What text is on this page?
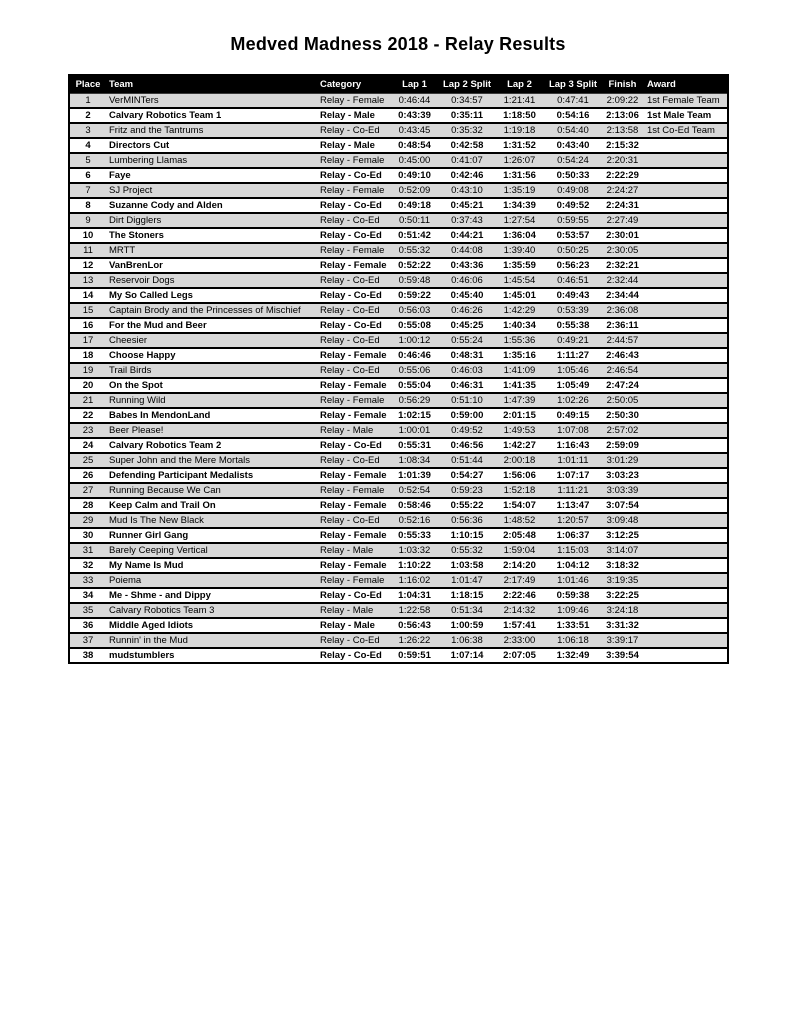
Medved Madness 2018 - Relay Results
Place	Team	Category	Lap 1	Lap 2 Split	Lap 2	Lap 3 Split	Finish	Award
1	VerMINTers	Relay - Female	0:46:44	0:34:57	1:21:41	0:47:41	2:09:22	1st Female Team
2	Calvary Robotics Team 1	Relay - Male	0:43:39	0:35:11	1:18:50	0:54:16	2:13:06	1st Male Team
3	Fritz and the Tantrums	Relay - Co-Ed	0:43:45	0:35:32	1:19:18	0:54:40	2:13:58	1st Co-Ed Team
4	Directors Cut	Relay - Male	0:48:54	0:42:58	1:31:52	0:43:40	2:15:32	
5	Lumbering Llamas	Relay - Female	0:45:00	0:41:07	1:26:07	0:54:24	2:20:31	
6	Faye	Relay - Co-Ed	0:49:10	0:42:46	1:31:56	0:50:33	2:22:29	
7	SJ Project	Relay - Female	0:52:09	0:43:10	1:35:19	0:49:08	2:24:27	
8	Suzanne Cody and Alden	Relay - Co-Ed	0:49:18	0:45:21	1:34:39	0:49:52	2:24:31	
9	Dirt Digglers	Relay - Co-Ed	0:50:11	0:37:43	1:27:54	0:59:55	2:27:49	
10	The Stoners	Relay - Co-Ed	0:51:42	0:44:21	1:36:04	0:53:57	2:30:01	
11	MRTT	Relay - Female	0:55:32	0:44:08	1:39:40	0:50:25	2:30:05	
12	VanBrenLor	Relay - Female	0:52:22	0:43:36	1:35:59	0:56:23	2:32:21	
13	Reservoir Dogs	Relay - Co-Ed	0:59:48	0:46:06	1:45:54	0:46:51	2:32:44	
14	My So Called Legs	Relay - Co-Ed	0:59:22	0:45:40	1:45:01	0:49:43	2:34:44	
15	Captain Brody and the Princesses of Mischief	Relay - Co-Ed	0:56:03	0:46:26	1:42:29	0:53:39	2:36:08	
16	For the Mud and Beer	Relay - Co-Ed	0:55:08	0:45:25	1:40:34	0:55:38	2:36:11	
17	Cheesier	Relay - Co-Ed	1:00:12	0:55:24	1:55:36	0:49:21	2:44:57	
18	Choose Happy	Relay - Female	0:46:46	0:48:31	1:35:16	1:11:27	2:46:43	
19	Trail Birds	Relay - Co-Ed	0:55:06	0:46:03	1:41:09	1:05:46	2:46:54	
20	On the Spot	Relay - Female	0:55:04	0:46:31	1:41:35	1:05:49	2:47:24	
21	Running Wild	Relay - Female	0:56:29	0:51:10	1:47:39	1:02:26	2:50:05	
22	Babes In MendonLand	Relay - Female	1:02:15	0:59:00	2:01:15	0:49:15	2:50:30	
23	Beer Please!	Relay - Male	1:00:01	0:49:52	1:49:53	1:07:08	2:57:02	
24	Calvary Robotics Team 2	Relay - Co-Ed	0:55:31	0:46:56	1:42:27	1:16:43	2:59:09	
25	Super John and the Mere Mortals	Relay - Co-Ed	1:08:34	0:51:44	2:00:18	1:01:11	3:01:29	
26	Defending Participant Medalists	Relay - Female	1:01:39	0:54:27	1:56:06	1:07:17	3:03:23	
27	Running Because We Can	Relay - Female	0:52:54	0:59:23	1:52:18	1:11:21	3:03:39	
28	Keep Calm and Trail On	Relay - Female	0:58:46	0:55:22	1:54:07	1:13:47	3:07:54	
29	Mud Is The New Black	Relay - Co-Ed	0:52:16	0:56:36	1:48:52	1:20:57	3:09:48	
30	Runner Girl Gang	Relay - Female	0:55:33	1:10:15	2:05:48	1:06:37	3:12:25	
31	Barely Ceeping Vertical	Relay - Male	1:03:32	0:55:32	1:59:04	1:15:03	3:14:07	
32	My Name Is Mud	Relay - Female	1:10:22	1:03:58	2:14:20	1:04:12	3:18:32	
33	Poiema	Relay - Female	1:16:02	1:01:47	2:17:49	1:01:46	3:19:35	
34	Me - Shme - and Dippy	Relay - Co-Ed	1:04:31	1:18:15	2:22:46	0:59:38	3:22:25	
35	Calvary Robotics Team 3	Relay - Male	1:22:58	0:51:34	2:14:32	1:09:46	3:24:18	
36	Middle Aged Idiots	Relay - Male	0:56:43	1:00:59	1:57:41	1:33:51	3:31:32	
37	Runnin' in the Mud	Relay - Co-Ed	1:26:22	1:06:38	2:33:00	1:06:18	3:39:17	
38	mudstumblers	Relay - Co-Ed	0:59:51	1:07:14	2:07:05	1:32:49	3:39:54	
